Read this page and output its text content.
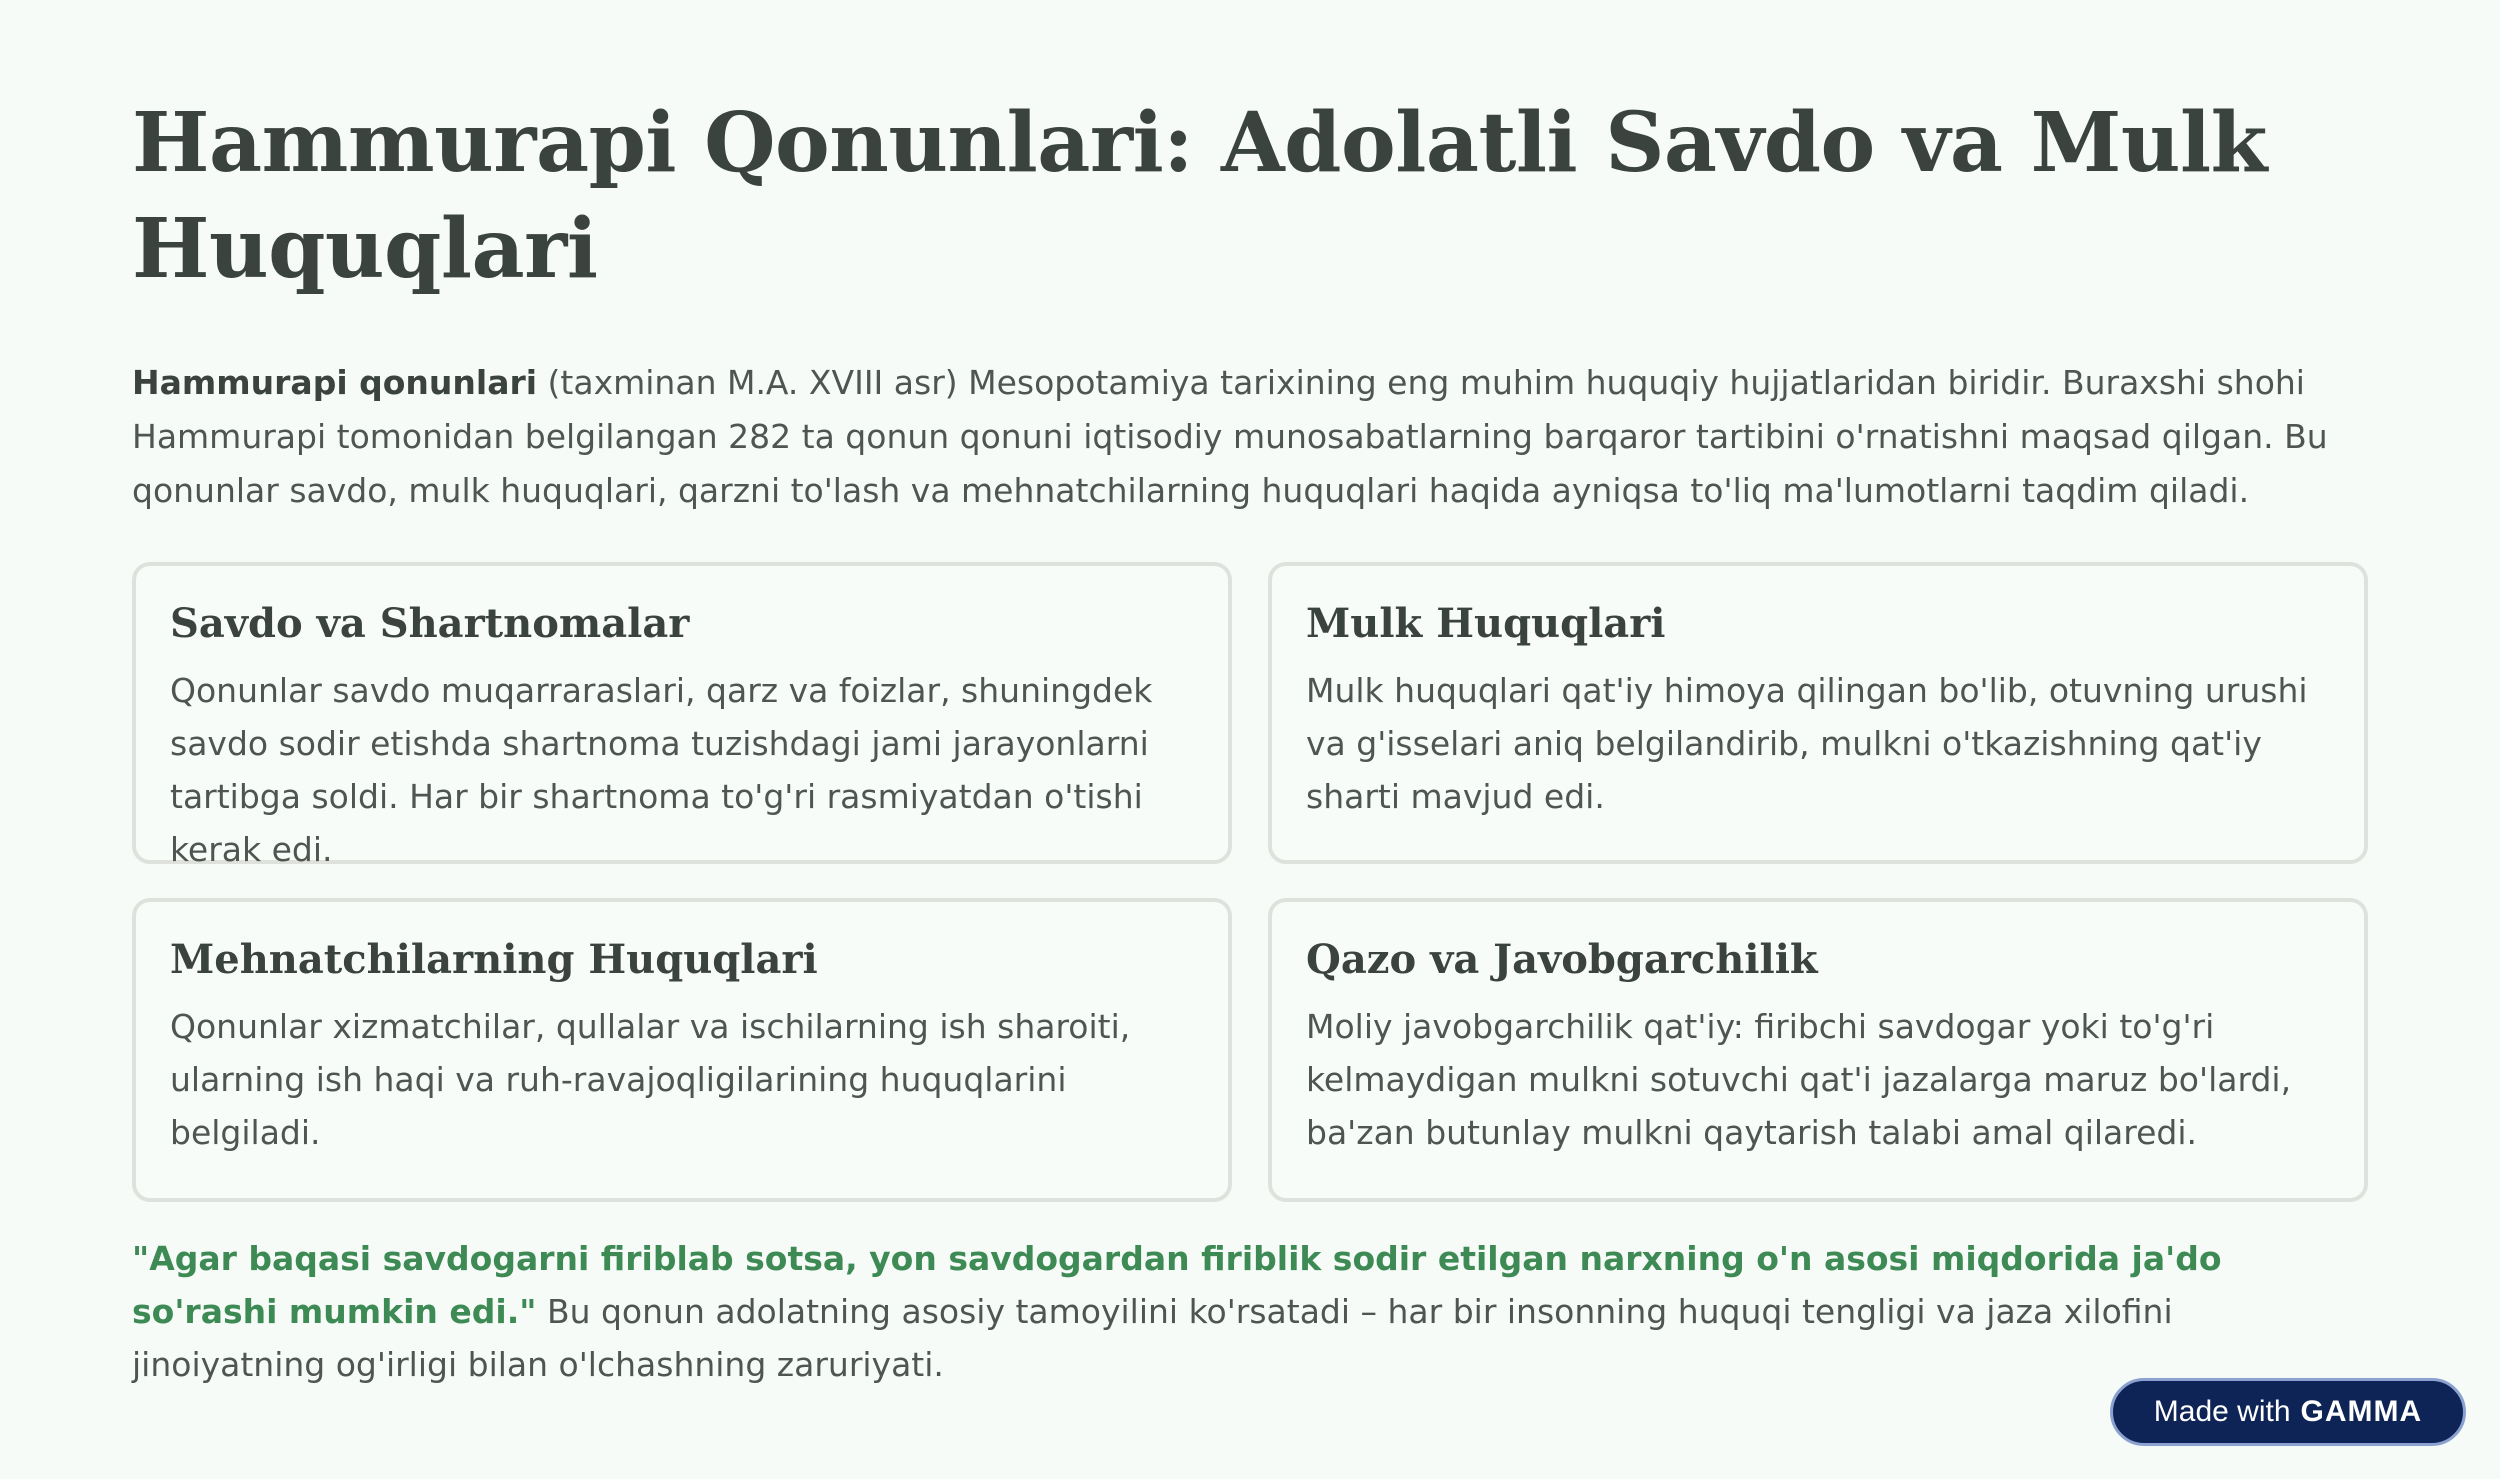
Hammurapi Qonunlari: Adolatli Savdo va Mulk Huquqlari

Hammurapi qonunlari (taxminan M.A. XVIII asr) Mesopotamiya tarixining eng muhim huquqiy hujjatlaridan biridir. Buraxshi shohi Hammurapi tomonidan belgilangan 282 ta qonun qonuni iqtisodiy munosabatlarning barqaror tartibini o'rnatishni maqsad qilgan. Bu qonunlar savdo, mulk huquqlari, qarzni to'lash va mehnatchilarning huquqlari haqida ayniqsa to'liq ma'lumotlarni taqdim qiladi.

Savdo va Shartnomalar

Qonunlar savdo muqarraraslari, qarz va foizlar, shuningdek savdo sodir etishda shartnoma tuzishdagi jami jarayonlarni tartibga soldi. Har bir shartnoma to'g'ri rasmiyatdan o'tishi kerak edi.

Mulk Huquqlari

Mulk huquqlari qat'iy himoya qilingan bo'lib, otuvning urushi va g'isselari aniq belgilandirib, mulkni o'tkazishning qat'iy sharti mavjud edi.

Mehnatchilarning Huquqlari

Qonunlar xizmatchilar, qullalar va ischilarning ish sharoiti, ularning ish haqi va ruh-ravajoqligilarining huquqlarini belgiladi.

Qazo va Javobgarchilik

Moliy javobgarchilik qat'iy: firibchi savdogar yoki to'g'ri kelmaydigan mulkni sotuvchi qat'i jazalarga maruz bo'lardi, ba'zan butunlay mulkni qaytarish talabi amal qilaredi.

"Agar baqasi savdogarni firiblab sotsa, yon savdogardan firiblik sodir etilgan narxning o'n asosi miqdorida ja'do so'rashi mumkin edi." Bu qonun adolatning asosiy tamoyilini ko'rsatadi – har bir insonning huquqi tengligi va jaza xilofini jinoiyatning og'irligi bilan o'lchashning zaruriyati.

Made with GAMMA
